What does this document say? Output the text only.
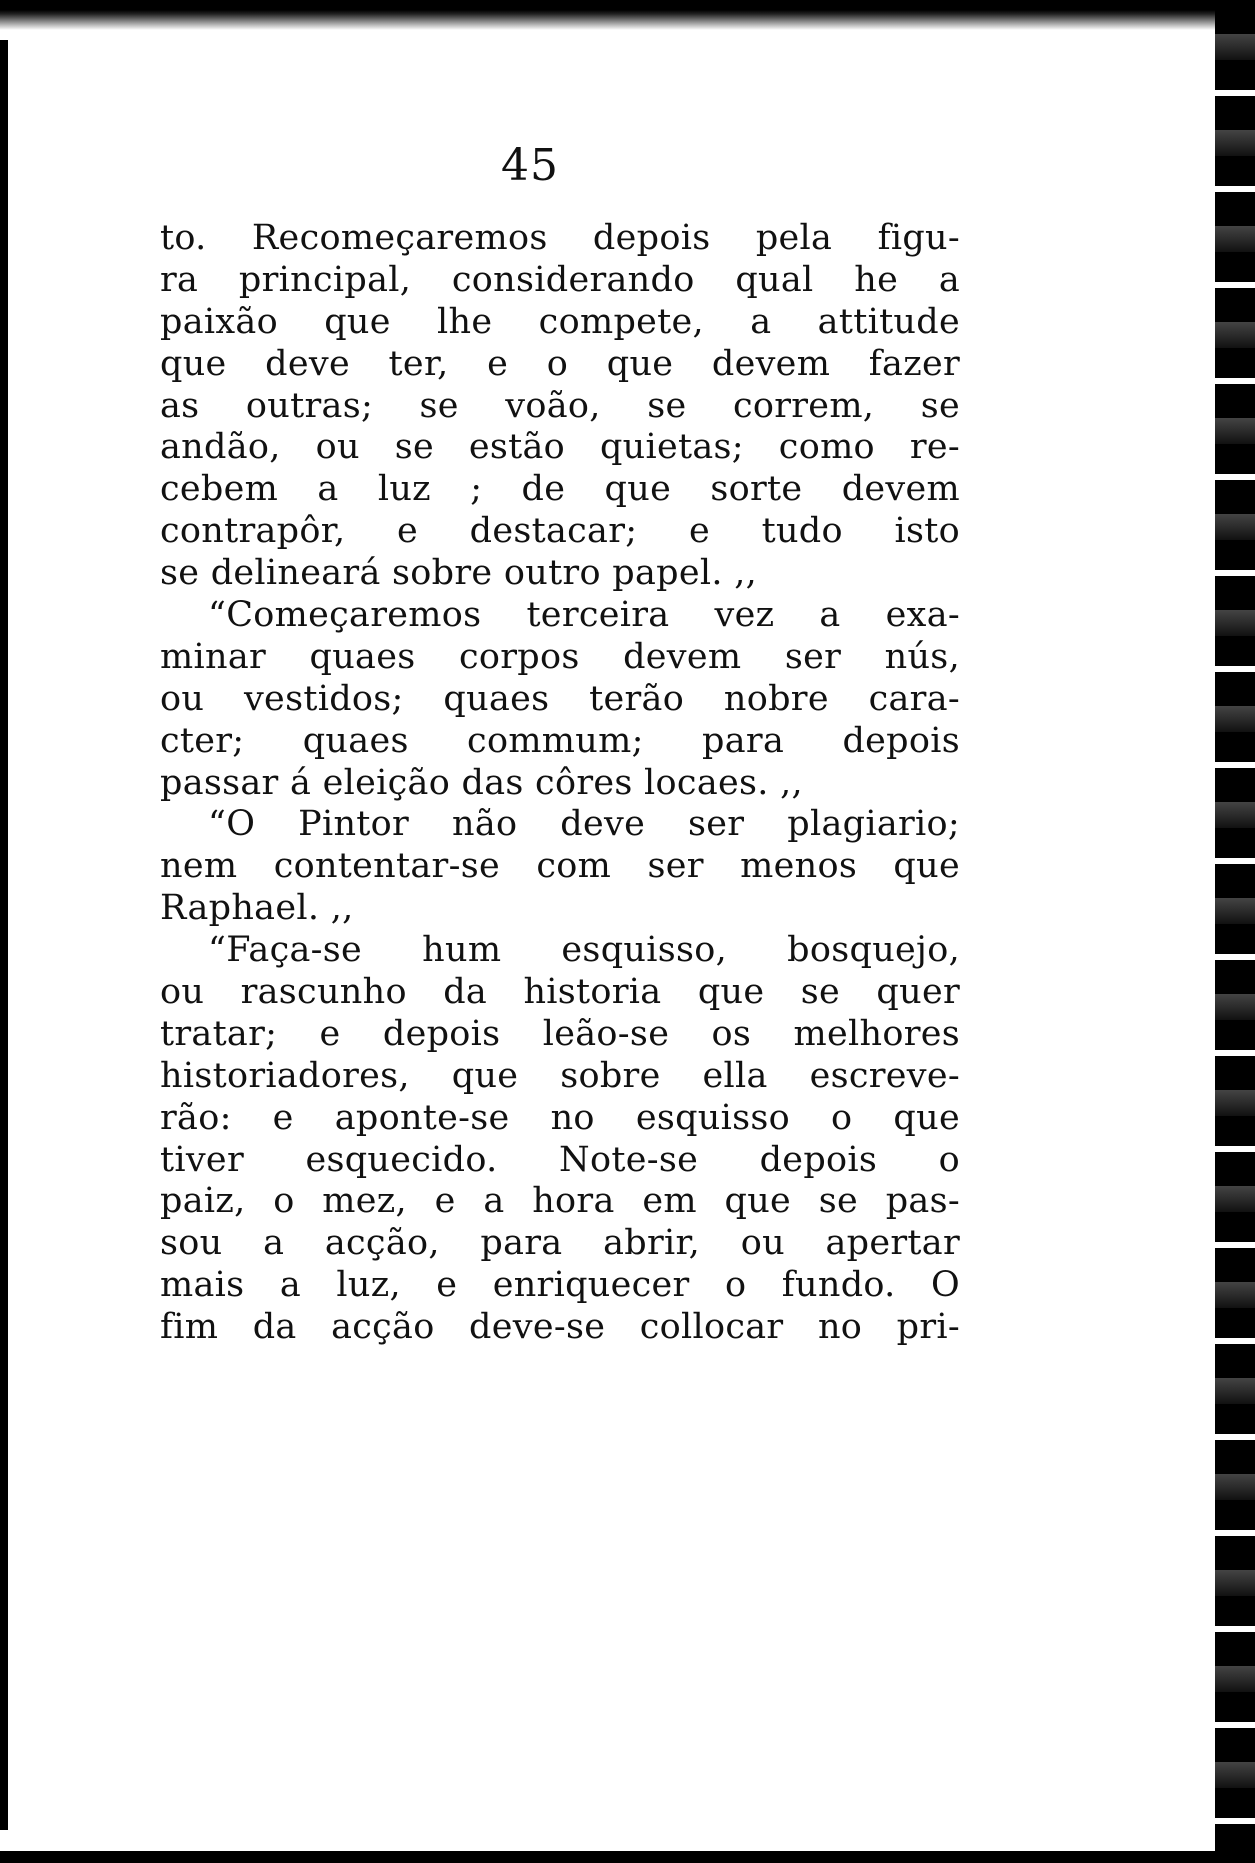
45
to. Recomeçaremos depois pela figu-
ra principal, considerando qual he a
paixão que lhe compete, a attitude
que deve ter, e o que devem fazer
as outras; se voão, se correm, se
andão, ou se estão quietas; como re-
cebem a luz ; de que sorte devem
contrapôr, e destacar; e tudo isto
se delineará sobre outro papel. ,,
“Começaremos terceira vez a exa-
minar quaes corpos devem ser nús,
ou vestidos; quaes terão nobre cara-
cter; quaes commum; para depois
passar á eleição das côres locaes. ,,
“O Pintor não deve ser plagiario;
nem contentar-se com ser menos que
Raphael. ,,
“Faça-se hum esquisso, bosquejo,
ou rascunho da historia que se quer
tratar; e depois leão-se os melhores
historiadores, que sobre ella escreve-
rão: e aponte-se no esquisso o que
tiver esquecido. Note-se depois o
paiz, o mez, e a hora em que se pas-
sou a acção, para abrir, ou apertar
mais a luz, e enriquecer o fundo. O
fim da acção deve-se collocar no pri-
